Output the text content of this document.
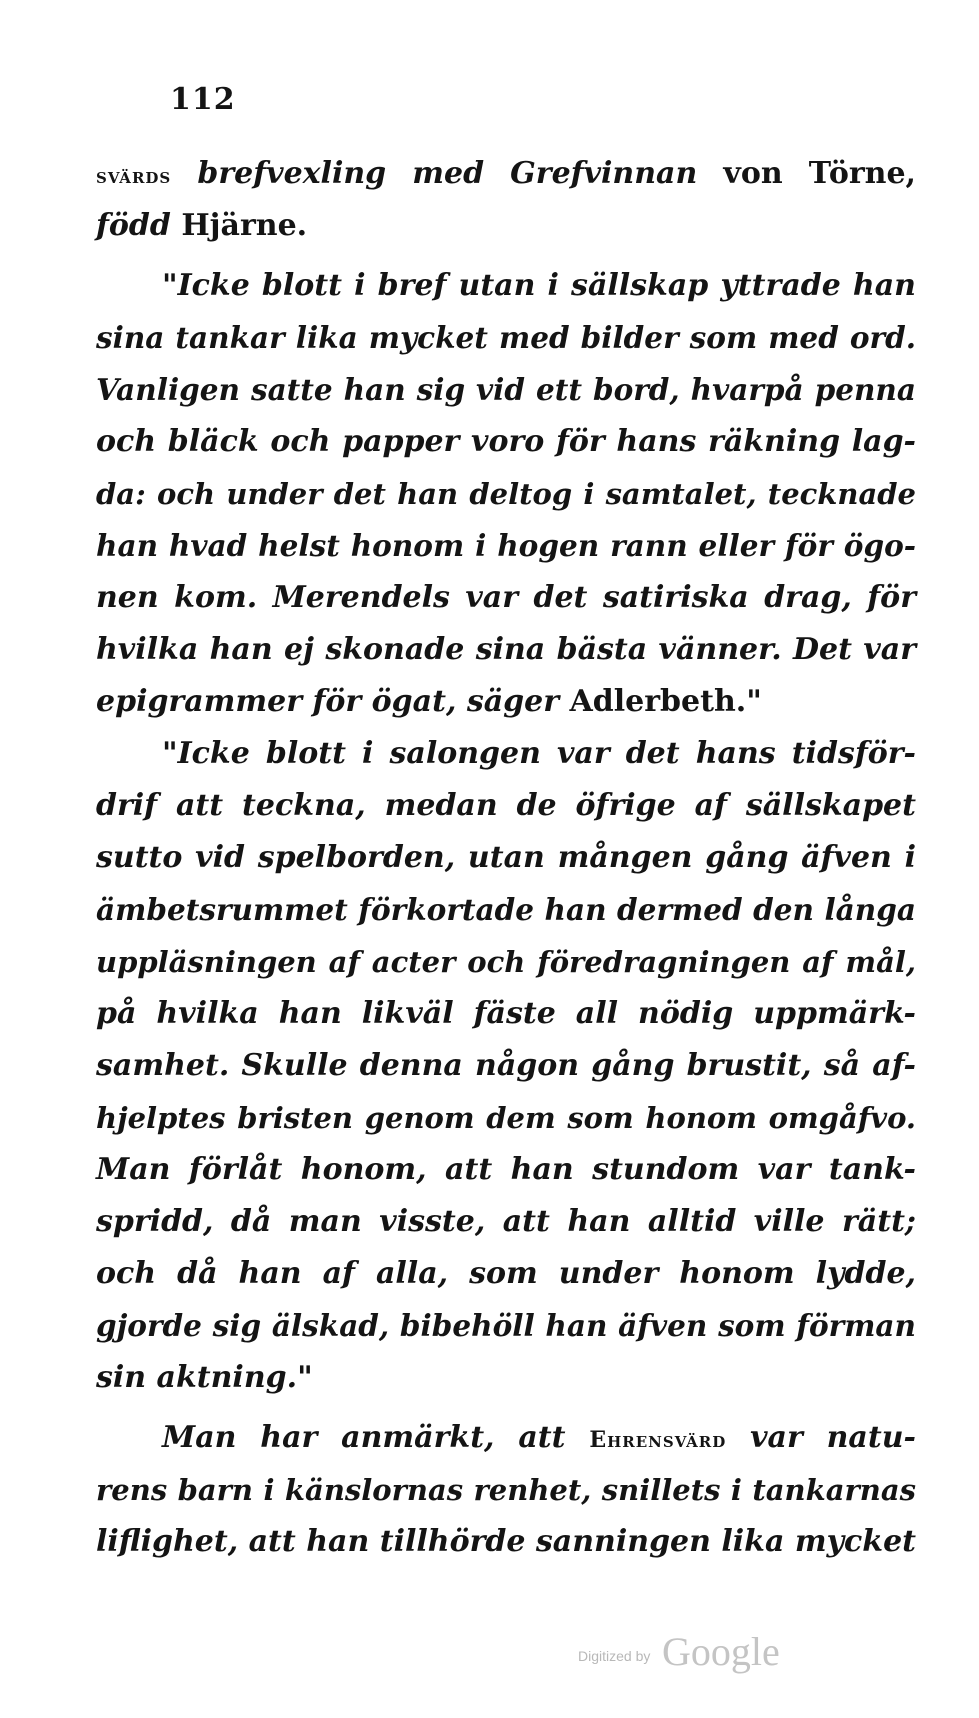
112
svärds brefvexling med Grefvinnan von Törne,
född Hjärne.
"Icke blott i bref utan i sällskap yttrade han
sina tankar lika mycket med bilder som med ord.
Vanligen satte han sig vid ett bord, hvarpå penna
och bläck och papper voro för hans räkning lag-
da: och under det han deltog i samtalet, tecknade
han hvad helst honom i hogen rann eller för ögo-
nen kom. Merendels var det satiriska drag, för
hvilka han ej skonade sina bästa vänner. Det var
epigrammer för ögat, säger Adlerbeth."
"Icke blott i salongen var det hans tidsför-
drif att teckna, medan de öfrige af sällskapet
sutto vid spelborden, utan mången gång äfven i
ämbetsrummet förkortade han dermed den långa
uppläsningen af acter och föredragningen af mål,
på hvilka han likväl fäste all nödig uppmärk-
samhet. Skulle denna någon gång brustit, så af-
hjelptes bristen genom dem som honom omgåfvo.
Man förlåt honom, att han stundom var tank-
spridd, då man visste, att han alltid ville rätt;
och då han af alla, som under honom lydde,
gjorde sig älskad, bibehöll han äfven som förman
sin aktning."
Man har anmärkt, att Ehrensvärd var natu-
rens barn i känslornas renhet, snillets i tankarnas
liflighet, att han tillhörde sanningen lika mycket
Digitized by Google
